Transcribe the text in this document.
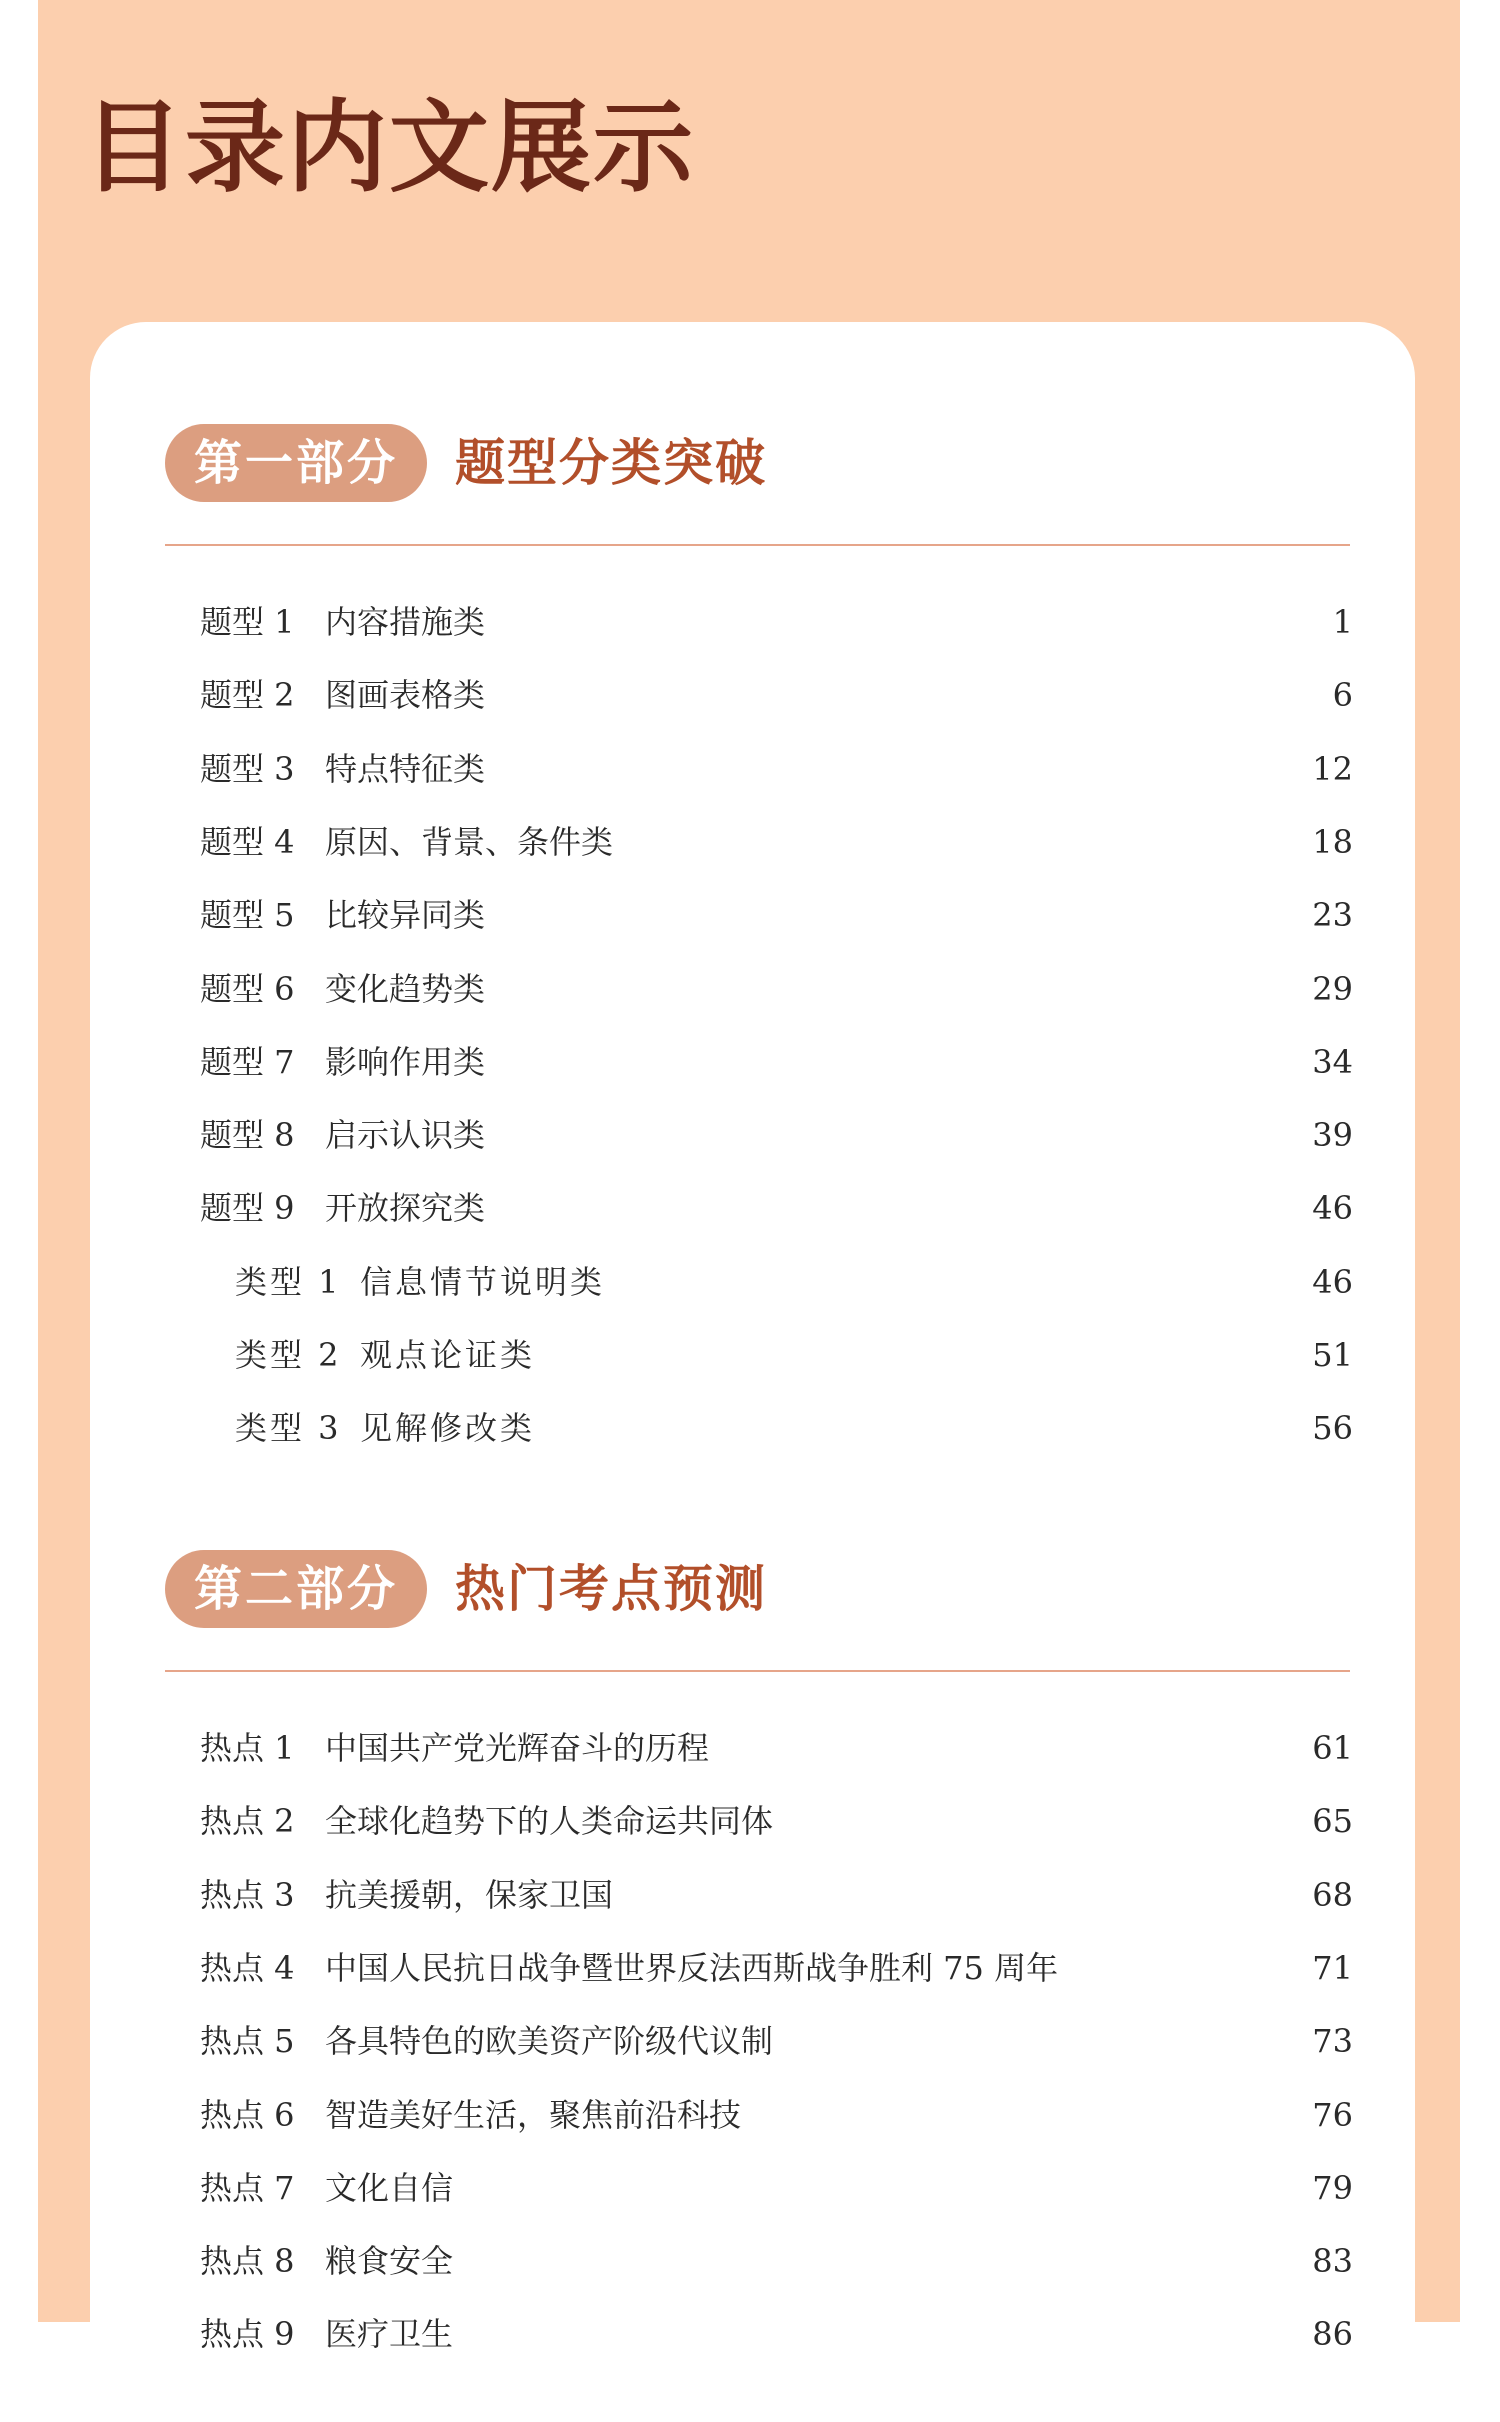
目录内文展示
第一部分	题型分类突破
题型 1 内容措施类	1
题型 2 图画表格类	6
题型 3 特点特征类	12
题型 4 原因、背景、条件类	18
题型 5 比较异同类	23
题型 6 变化趋势类	29
题型 7 影响作用类	34
题型 8 启示认识类	39
题型 9 开放探究类	46
类型 1 信息情节说明类	46
类型 2 观点论证类	51
类型 3 见解修改类	56
第二部分	热门考点预测
热点 1 中国共产党光辉奋斗的历程	61
热点 2 全球化趋势下的人类命运共同体	65
热点 3 抗美援朝，保家卫国	68
热点 4 中国人民抗日战争暨世界反法西斯战争胜利 75 周年	71
热点 5 各具特色的欧美资产阶级代议制	73
热点 6 智造美好生活，聚焦前沿科技	76
热点 7 文化自信	79
热点 8 粮食安全	83
热点 9 医疗卫生	86
